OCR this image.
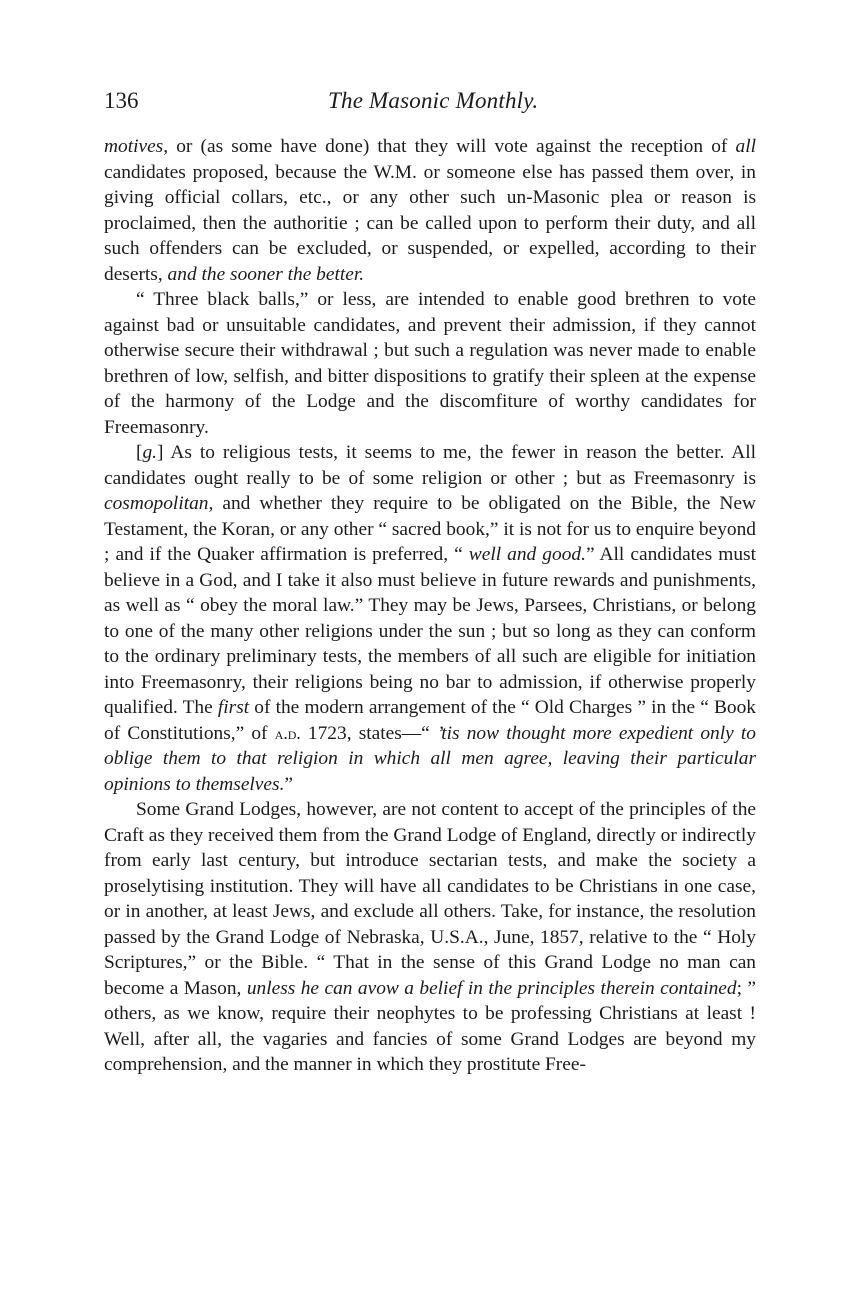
136	The Masonic Monthly.

motives, or (as some have done) that they will vote against the reception of all candidates proposed, because the W.M. or someone else has passed them over, in giving official collars, etc., or any other such un-Masonic plea or reason is proclaimed, then the authoritie ; can be called upon to perform their duty, and all such offenders can be excluded, or suspended, or expelled, according to their deserts, and the sooner the better.

“ Three black balls,” or less, are intended to enable good brethren to vote against bad or unsuitable candidates, and prevent their admission, if they cannot otherwise secure their withdrawal ; but such a regulation was never made to enable brethren of low, selfish, and bitter dispositions to gratify their spleen at the expense of the harmony of the Lodge and the discomfiture of worthy candidates for Freemasonry.

[g.] As to religious tests, it seems to me, the fewer in reason the better. All candidates ought really to be of some religion or other ; but as Freemasonry is cosmopolitan, and whether they require to be obligated on the Bible, the New Testament, the Koran, or any other “ sacred book,” it is not for us to enquire beyond ; and if the Quaker affirmation is preferred, “ well and good.” All candidates must believe in a God, and I take it also must believe in future rewards and punishments, as well as “ obey the moral law.” They may be Jews, Parsees, Christians, or belong to one of the many other religions under the sun ; but so long as they can conform to the ordinary preliminary tests, the members of all such are eligible for initiation into Freemasonry, their religions being no bar to admission, if otherwise properly qualified. The first of the modern arrangement of the “ Old Charges ” in the “ Book of Constitutions,” of a.d. 1723, states—“ ’tis now thought more expedient only to oblige them to that religion in which all men agree, leaving their particular opinions to themselves.”

Some Grand Lodges, however, are not content to accept of the principles of the Craft as they received them from the Grand Lodge of England, directly or indirectly from early last century, but introduce sectarian tests, and make the society a proselytising institution. They will have all candidates to be Christians in one case, or in another, at least Jews, and exclude all others. Take, for instance, the resolution passed by the Grand Lodge of Nebraska, U.S.A., June, 1857, relative to the “ Holy Scriptures,” or the Bible. “ That in the sense of this Grand Lodge no man can become a Mason, unless he can avow a belief in the principles therein contained; ” others, as we know, require their neophytes to be professing Christians at least ! Well, after all, the vagaries and fancies of some Grand Lodges are beyond my comprehension, and the manner in which they prostitute Free-
